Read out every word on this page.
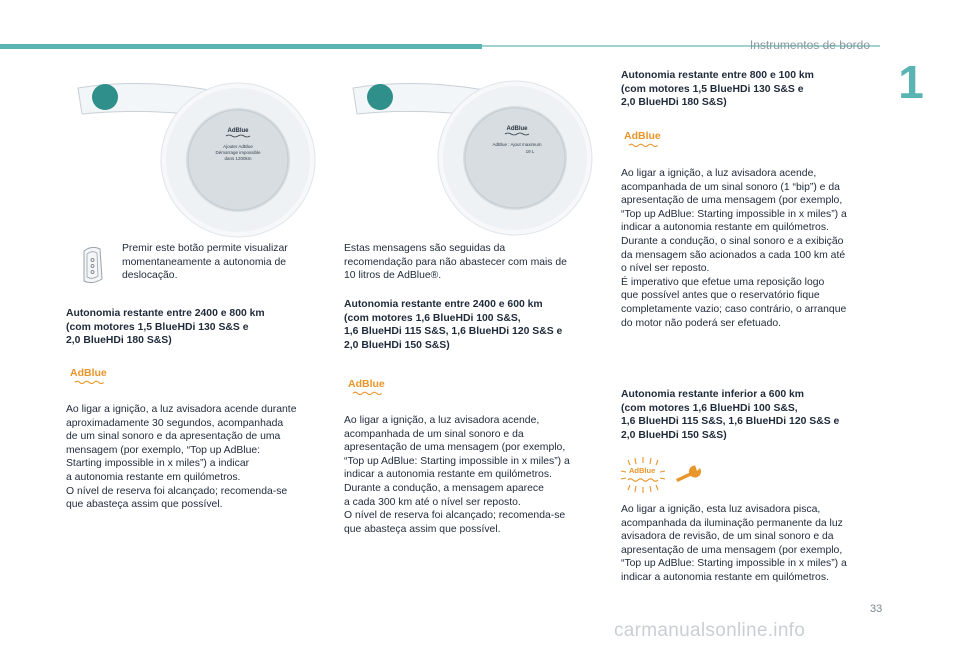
Instrumentos de bordo
1
AdBlue
Ajouter AdBlue
Démarrage impossible
dans 1200km
AdBlue
AdBlue : Ajout maximum
19 L

Premir este botão permite visualizar
momentaneamente a autonomia de
deslocação.

Autonomia restante entre 2400 e 800 km
(com motores 1,5 BlueHDi 130 S&S e
2,0 BlueHDi 180 S&S)

AdBlue

Ao ligar a ignição, a luz avisadora acende durante
aproximadamente 30 segundos, acompanhada
de um sinal sonoro e da apresentação de uma
mensagem (por exemplo, “Top up AdBlue:
Starting impossible in x miles”) a indicar
a autonomia restante em quilómetros.
O nível de reserva foi alcançado; recomenda-se
que abasteça assim que possível.

Estas mensagens são seguidas da
recomendação para não abastecer com mais de
10 litros de AdBlue®.

Autonomia restante entre 2400 e 600 km
(com motores 1,6 BlueHDi 100 S&S,
1,6 BlueHDi 115 S&S, 1,6 BlueHDi 120 S&S e
2,0 BlueHDi 150 S&S)

AdBlue

Ao ligar a ignição, a luz avisadora acende,
acompanhada de um sinal sonoro e da
apresentação de uma mensagem (por exemplo,
“Top up AdBlue: Starting impossible in x miles”) a
indicar a autonomia restante em quilómetros.
Durante a condução, a mensagem aparece
a cada 300 km até o nível ser reposto.
O nível de reserva foi alcançado; recomenda-se
que abasteça assim que possível.

Autonomia restante entre 800 e 100 km
(com motores 1,5 BlueHDi 130 S&S e
2,0 BlueHDi 180 S&S)

AdBlue

Ao ligar a ignição, a luz avisadora acende,
acompanhada de um sinal sonoro (1 “bip”) e da
apresentação de uma mensagem (por exemplo,
“Top up AdBlue: Starting impossible in x miles”) a
indicar a autonomia restante em quilómetros.
Durante a condução, o sinal sonoro e a exibição
da mensagem são acionados a cada 100 km até
o nível ser reposto.
É imperativo que efetue uma reposição logo
que possível antes que o reservatório fique
completamente vazio; caso contrário, o arranque
do motor não poderá ser efetuado.

Autonomia restante inferior a 600 km
(com motores 1,6 BlueHDi 100 S&S,
1,6 BlueHDi 115 S&S, 1,6 BlueHDi 120 S&S e
2,0 BlueHDi 150 S&S)

AdBlue

Ao ligar a ignição, esta luz avisadora pisca,
acompanhada da iluminação permanente da luz
avisadora de revisão, de um sinal sonoro e da
apresentação de uma mensagem (por exemplo,
“Top up AdBlue: Starting impossible in x miles”) a
indicar a autonomia restante em quilómetros.

33
carmanualsonline.info
